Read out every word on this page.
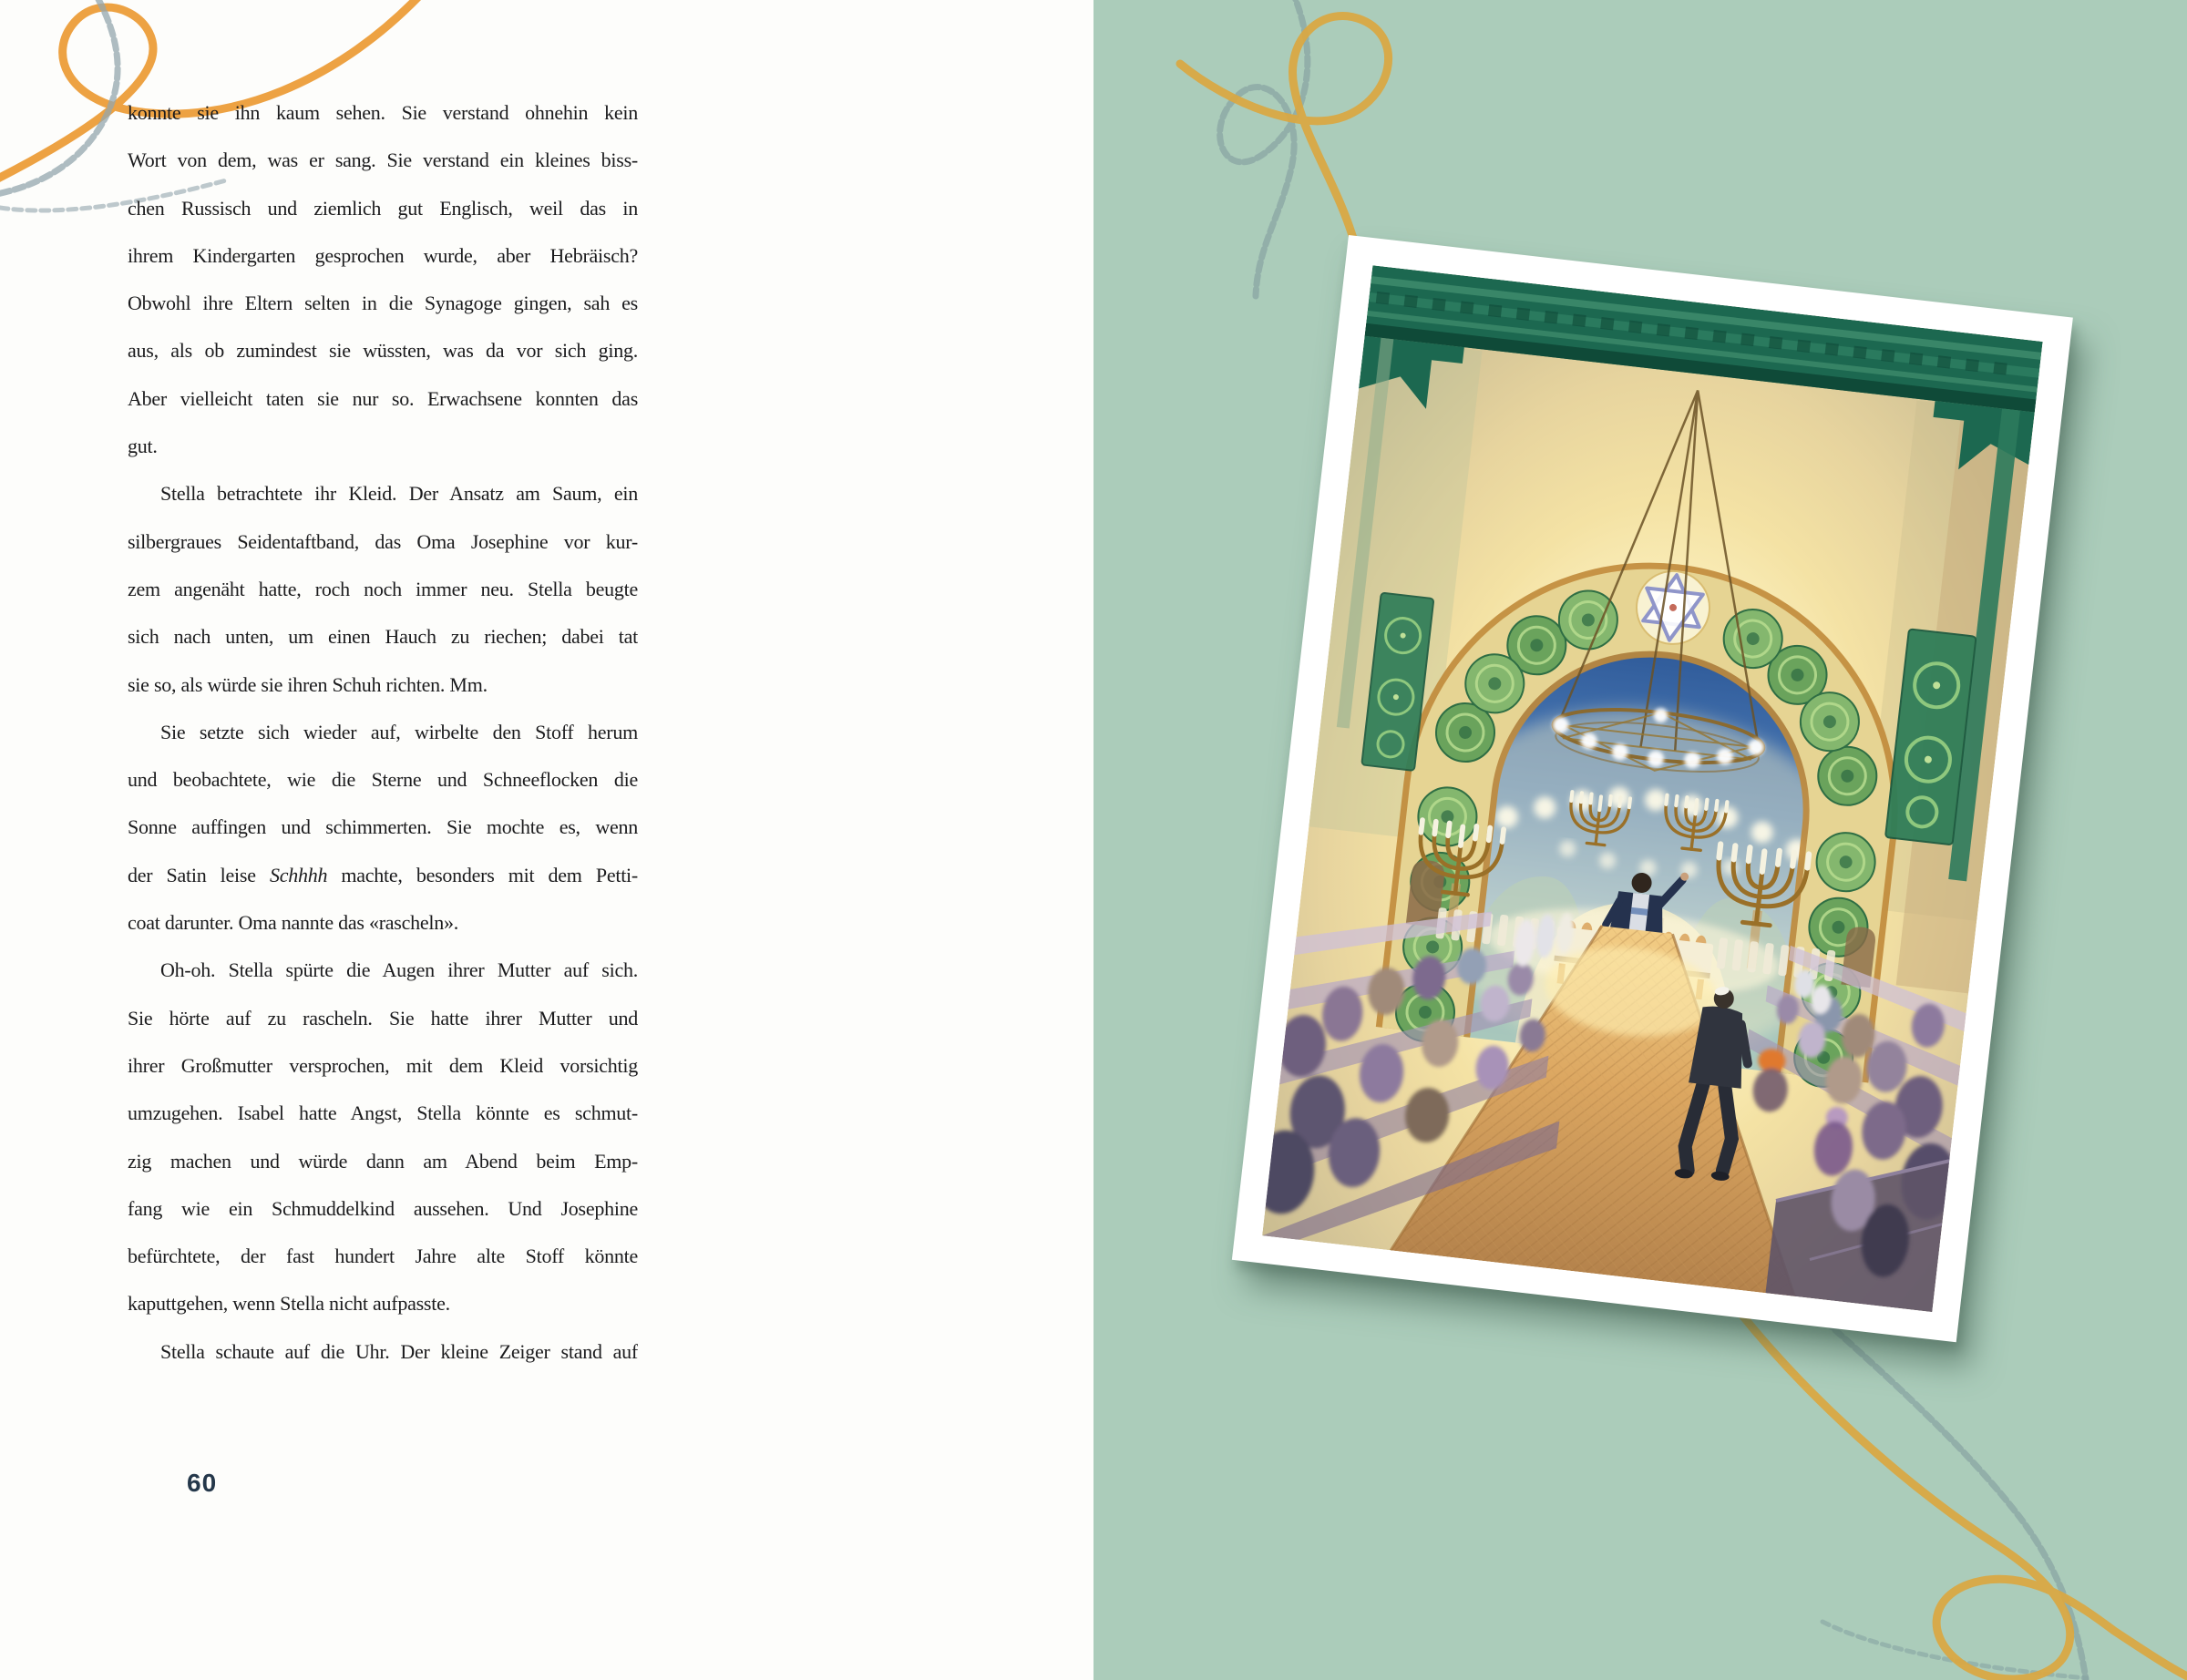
konnte sie ihn kaum sehen. Sie verstand ohnehin kein
Wort von dem, was er sang. Sie verstand ein kleines biss-
chen Russisch und ziemlich gut Englisch, weil das in
ihrem Kindergarten gesprochen wurde, aber Hebräisch?
Obwohl ihre Eltern selten in die Synagoge gingen, sah es
aus, als ob zumindest sie wüssten, was da vor sich ging.
Aber vielleicht taten sie nur so. Erwachsene konnten das
gut.
Stella betrachtete ihr Kleid. Der Ansatz am Saum, ein
silbergraues Seidentaftband, das Oma Josephine vor kur-
zem angenäht hatte, roch noch immer neu. Stella beugte
sich nach unten, um einen Hauch zu riechen; dabei tat
sie so, als würde sie ihren Schuh richten. Mm.
Sie setzte sich wieder auf, wirbelte den Stoff herum
und beobachtete, wie die Sterne und Schneeflocken die
Sonne auffingen und schimmerten. Sie mochte es, wenn
der Satin leise Schhhh machte, besonders mit dem Petti-
coat darunter. Oma nannte das «rascheln».
Oh-oh. Stella spürte die Augen ihrer Mutter auf sich.
Sie hörte auf zu rascheln. Sie hatte ihrer Mutter und
ihrer Großmutter versprochen, mit dem Kleid vorsichtig
umzugehen. Isabel hatte Angst, Stella könnte es schmut-
zig machen und würde dann am Abend beim Emp-
fang wie ein Schmuddelkind aussehen. Und Josephine
befürchtete, der fast hundert Jahre alte Stoff könnte
kaputtgehen, wenn Stella nicht aufpasste.
Stella schaute auf die Uhr. Der kleine Zeiger stand auf
60
